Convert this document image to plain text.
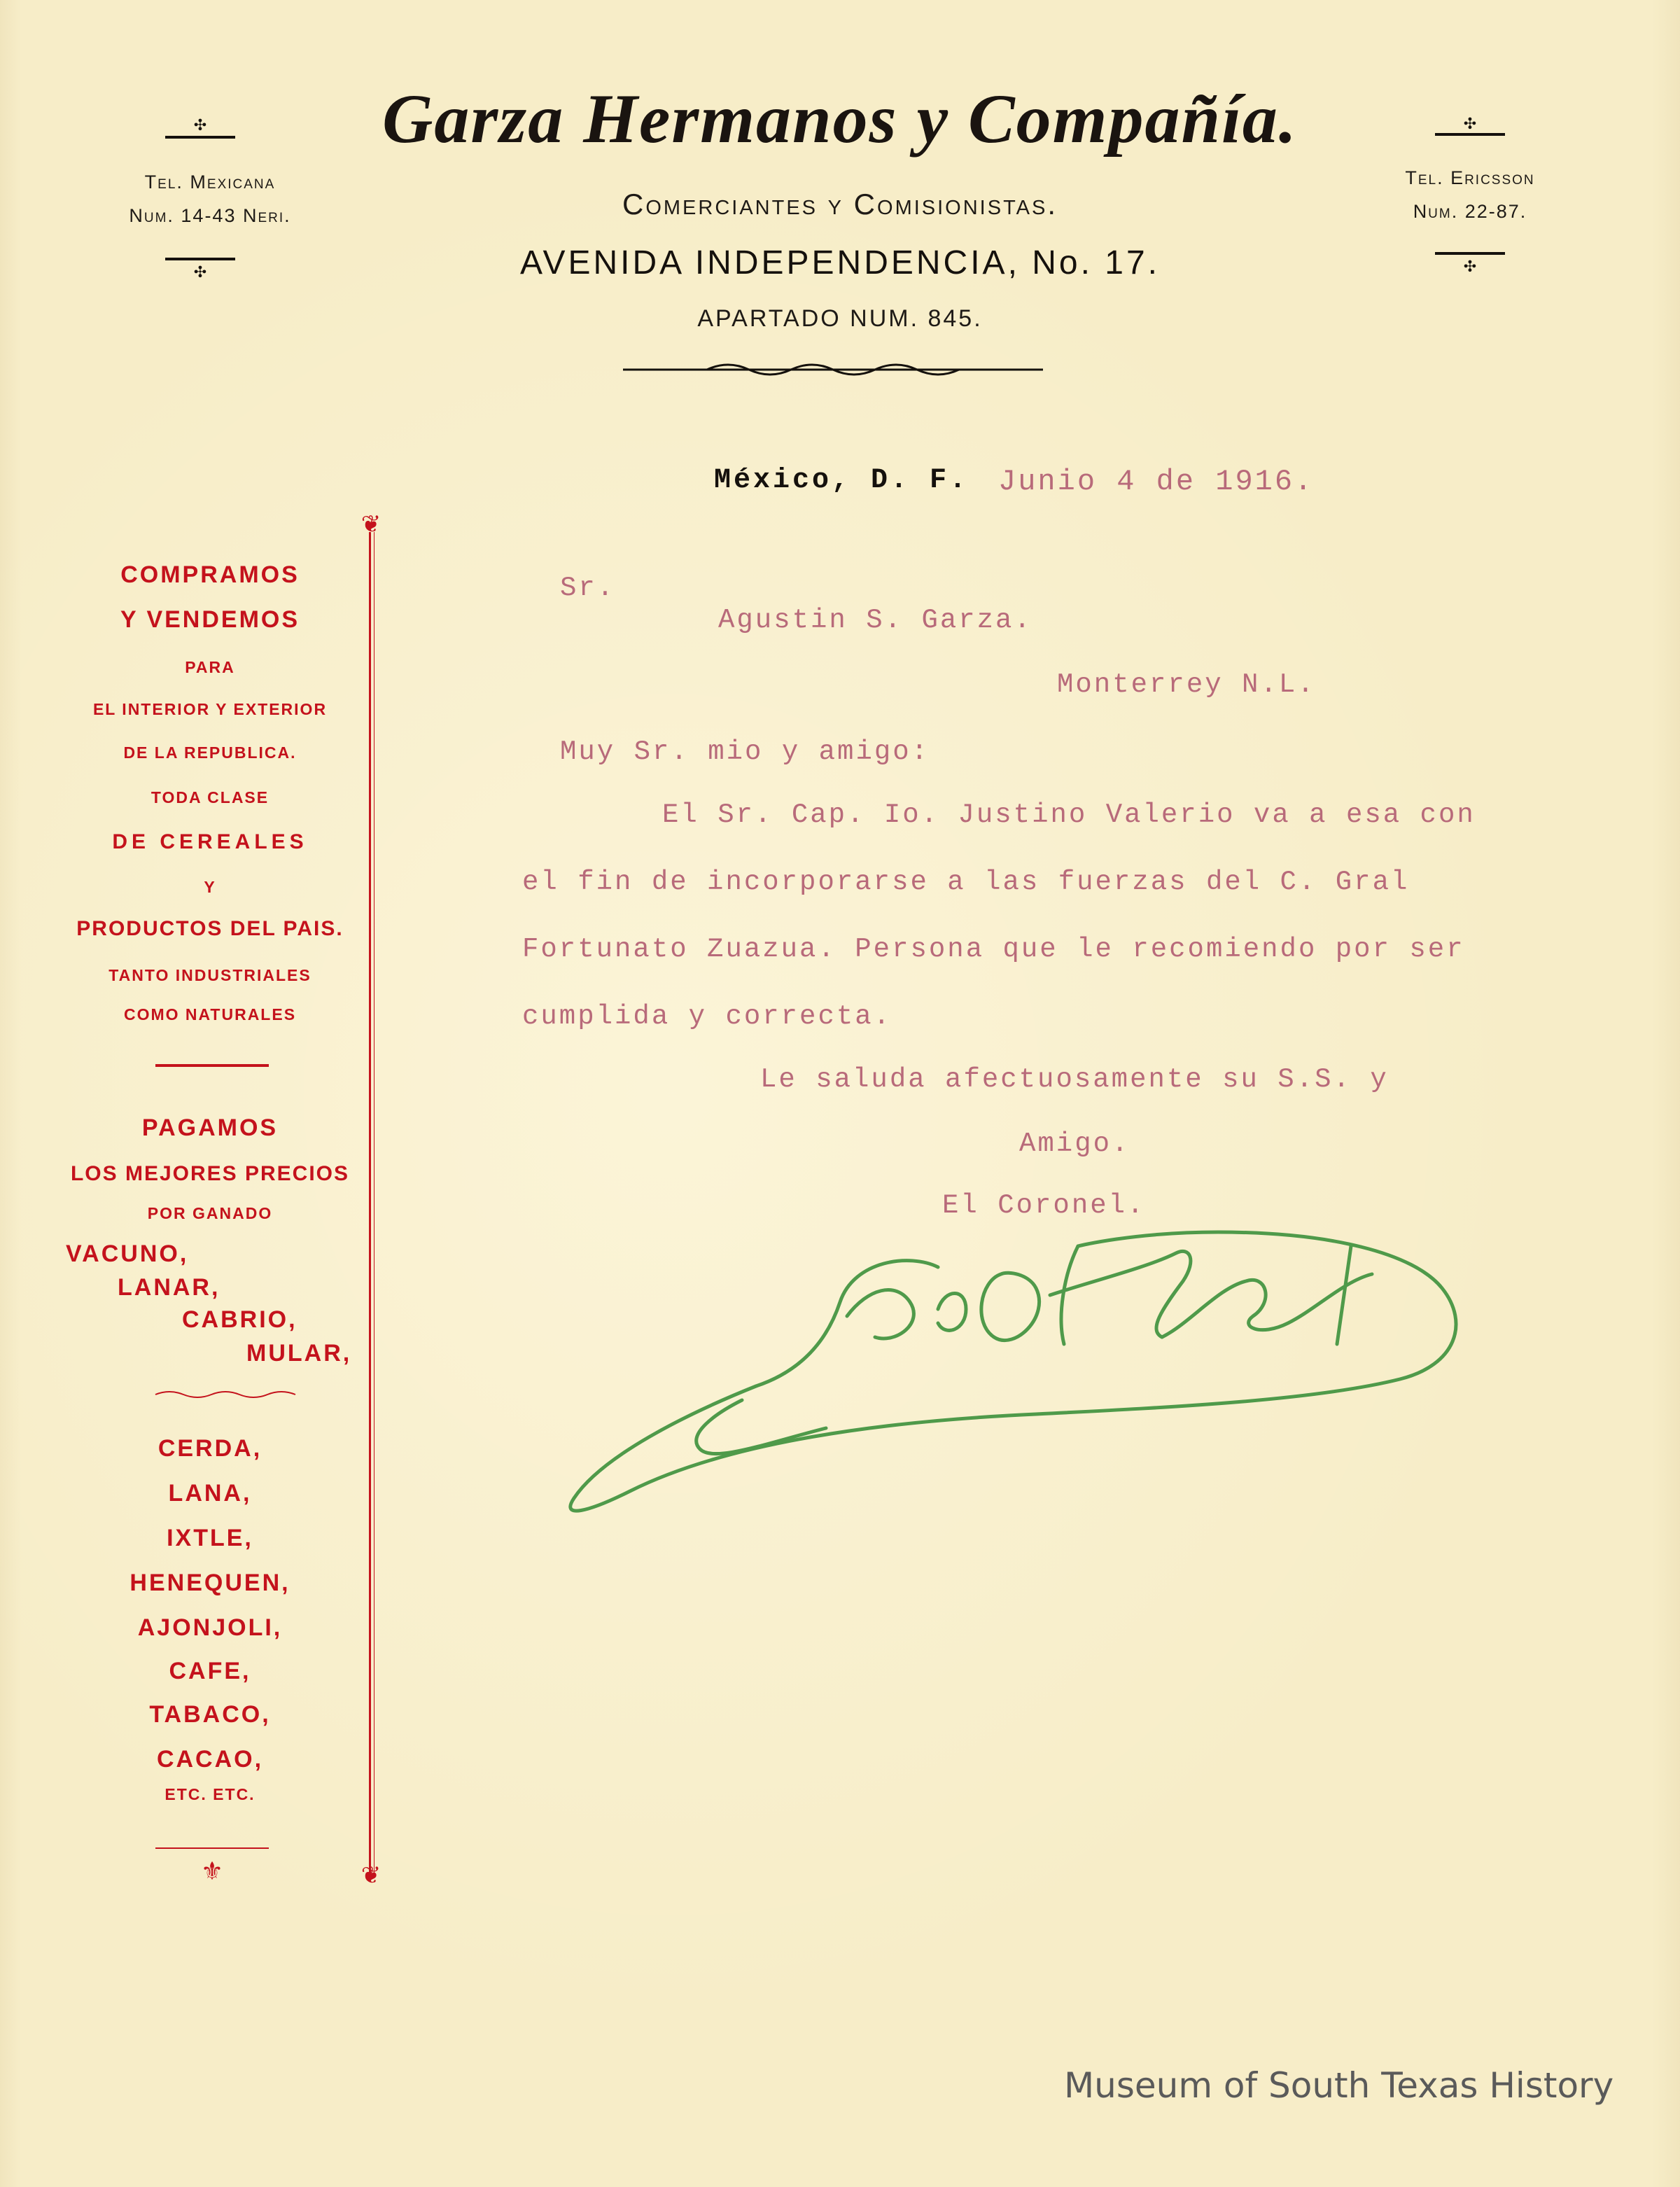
Garza Hermanos y Compañía.
Comerciantes y Comisionistas.
AVENIDA INDEPENDENCIA, No. 17.
APARTADO NUM. 845.
Tel. Mexicana
Num. 14-43 Neri.
Tel. Ericsson
Num. 22-87.
✣
✣
✣
✣
❦
❦
⚜
COMPRAMOS
Y VENDEMOS
PARA
EL INTERIOR Y EXTERIOR
DE LA REPUBLICA.
TODA CLASE
DE CEREALES
Y
PRODUCTOS DEL PAIS.
TANTO INDUSTRIALES
COMO NATURALES
PAGAMOS
LOS MEJORES PRECIOS
POR GANADO
VACUNO,
LANAR,
CABRIO,
MULAR,
CERDA,
LANA,
IXTLE,
HENEQUEN,
AJONJOLI,
CAFE,
TABACO,
CACAO,
ETC. ETC.
México, D. F. Junio 4 de 1916.
Sr.
Agustin S. Garza.
Monterrey N.L.
Muy Sr. mio y amigo:
El Sr. Cap. Io. Justino Valerio va a esa con
el fin de incorporarse a las fuerzas del C. Gral
Fortunato Zuazua. Persona que le recomiendo por ser
cumplida y correcta.
Le saluda afectuosamente su S.S. y
Amigo.
El Coronel.
Museum of South Texas History
